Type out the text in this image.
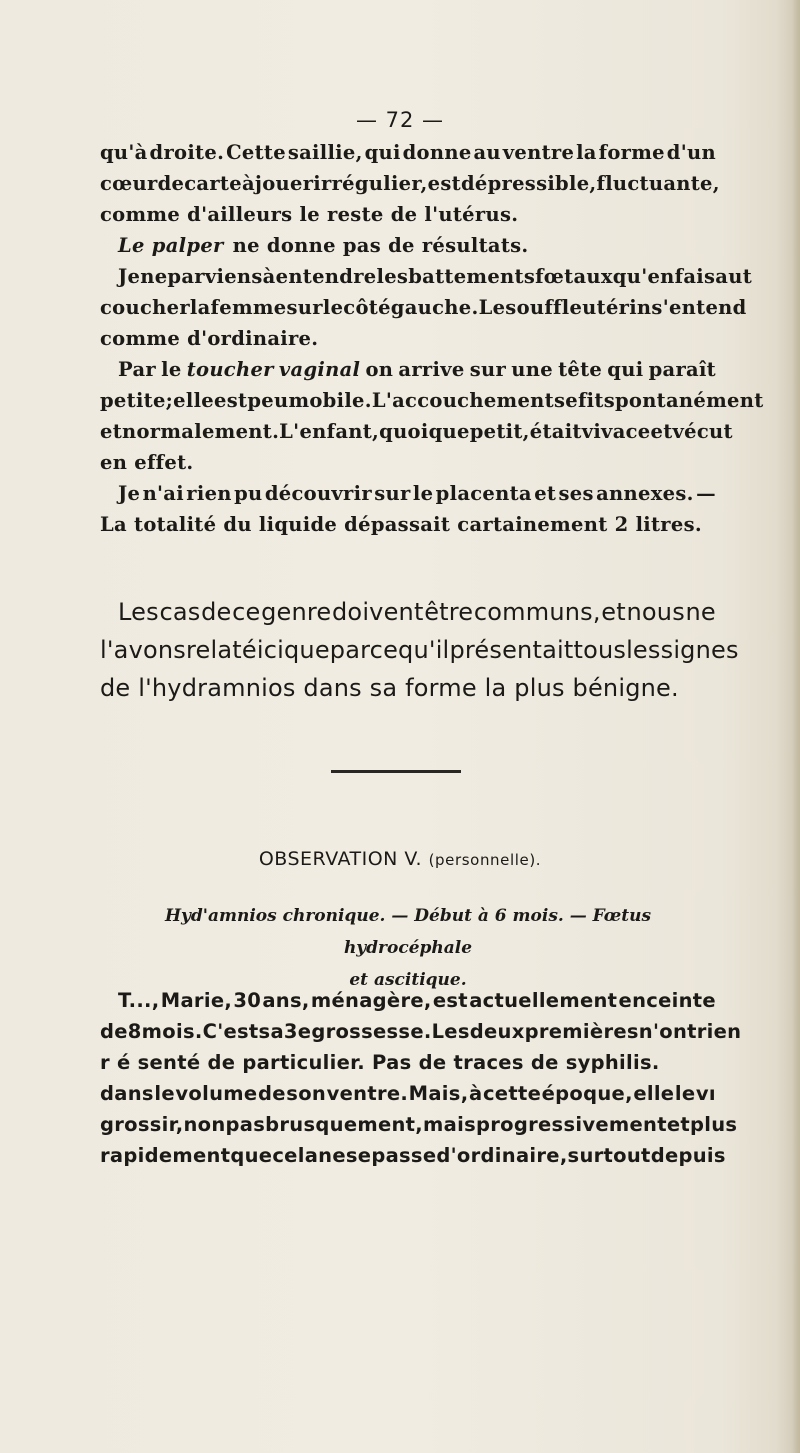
— 72 —
qu'à droite. Cette saillie, qui donne au ventre la forme d'un
cœur de carte à jouer irrégulier, est dépressible, fluctuante,
comme d'ailleurs le reste de l'utérus.
Le palper ne donne pas de résultats.
Je ne parviens à entendre les battements fœtaux qu'en faisaut
coucher la femme sur le côté gauche. Le souffle utérin s'entend
comme d'ordinaire.
Par le toucher vaginal on arrive sur une tête qui paraît
petite; elle est peu mobile. L'accouchement se fit spontanément
et normalement. L'enfant, quoique petit, était vivace et vécut
en effet.
Je n'ai rien pu découvrir sur le placenta et ses annexes. —
La totalité du liquide dépassait cartainement 2 litres.
Les cas de ce genre doivent être communs, et nous ne
l'avons relaté ici que parce qu'il présentait tous les signes
de l'hydramnios dans sa forme la plus bénigne.
OBSERVATION V. (personnelle).
Hyd'amnios chronique. — Début à 6 mois. — Fœtus hydrocéphale
et ascitique.
T..., Marie, 30 ans, ménagère, est actuellement enceinte
de 8 mois. C'est sa 3e grossesse. Les deux premières n'ont rien
r é senté de particulier. Pas de traces de syphilis.
dans le volume de son ventre. Mais, à cette époque, elle le vı
grossir, non pas brusquement, mais progressivement et plus
rapidement que cela ne se passe d'ordinaire, surtout depuis
